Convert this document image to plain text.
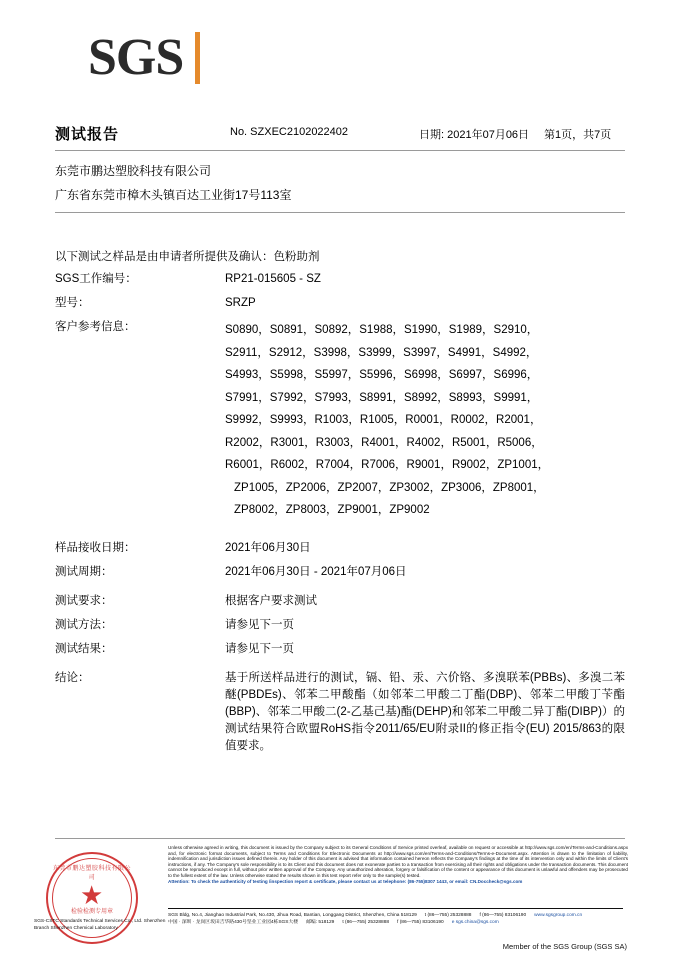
SGS
测试报告	No. SZXEC2102022402	日期: 2021年07月06日 第1页，共7页
东莞市鹏达塑胶科技有限公司
广东省东莞市樟木头镇百达工业街17号113室
以下测试之样品是由申请者所提供及确认：色粉助剂
SGS工作编号：	RP21-015605 - SZ
型号：	SRZP
客户参考信息：	S0890，S0891，S0892，S1988，S1990，S1989，S2910，
S2911，S2912，S3998，S3999，S3997，S4991，S4992，
S4993，S5998，S5997，S5996，S6998，S6997，S6996，
S7991，S7992，S7993，S8991，S8992，S8993，S9991，
S9992，S9993，R1003，R1005，R0001，R0002，R2001，
R2002，R3001，R3003，R4001，R4002，R5001，R5006，
R6001，R6002，R7004，R7006，R9001，R9002，ZP1001，
ZP1005，ZP2006，ZP2007，ZP3002，ZP3006，ZP8001，
ZP8002，ZP8003，ZP9001，ZP9002
样品接收日期：	2021年06月30日
测试周期：	2021年06月30日 - 2021年07月06日
测试要求：	根据客户要求测试
测试方法：	请参见下一页
测试结果：	请参见下一页
结论：	基于所送样品进行的测试，镉、铅、汞、六价铬、多溴联苯(PBBs)、多溴二苯醚(PBDEs)、邻苯二甲酸酯（如邻苯二甲酸二丁酯(DBP)、邻苯二甲酸丁苄酯(BBP)、邻苯二甲酸二(2-乙基己基)酯(DEHP)和邻苯二甲酸二异丁酯(DIBP)）的测试结果符合欧盟RoHS指令2011/65/EU附录II的修正指令(EU) 2015/863的限值要求。
东莞市鹏达塑胶科技有限公司
★
检验检测专用章
Unless otherwise agreed in writing, this document is issued by the Company subject to its General Conditions of Service printed overleaf, available on request or accessible at http://www.sgs.com/en/Terms-and-Conditions.aspx and, for electronic format documents, subject to Terms and Conditions for Electronic Documents at http://www.sgs.com/en/Terms-and-Conditions/Terms-e-Document.aspx. Attention is drawn to the limitation of liability, indemnification and jurisdiction issues defined therein. Any holder of this document is advised that information contained hereon reflects the Company's findings at the time of its intervention only and within the limits of Client's instructions, if any. The Company's sole responsibility is to its Client and this document does not exonerate parties to a transaction from exercising all their rights and obligations under the transaction documents. This document cannot be reproduced except in full, without prior written approval of the Company. Any unauthorized alteration, forgery or falsification of the content or appearance of this document is unlawful and offenders may be prosecuted to the fullest extent of the law. Unless otherwise stated the results shown in this test report refer only to the sample(s) tested.
Attention: To check the authenticity of testing /inspection report & certificate, please contact us at telephone: (86-755)8307 1443, or email: CN.Doccheck@sgs.com
SGS Bldg, No.4, Jianghao Industrial Park, No.430, Jihua Road, Bantian, Longgang District, Shenzhen, China 518129 t (86—755) 25328888 f (86—755) 83106190 www.sgsgroup.com.cn
中国 · 深圳 · 龙岗区坂田吉华路430号坚业工业园4栋SGS大楼 邮编: 518129 t (86—755) 25328888 f (86—755) 83106190 e sgs.china@sgs.com
SGS-CSTC Standards Technical Services Co., Ltd. Shenzhen Branch Shenzhen Chemical Laboratory
Member of the SGS Group (SGS SA)
